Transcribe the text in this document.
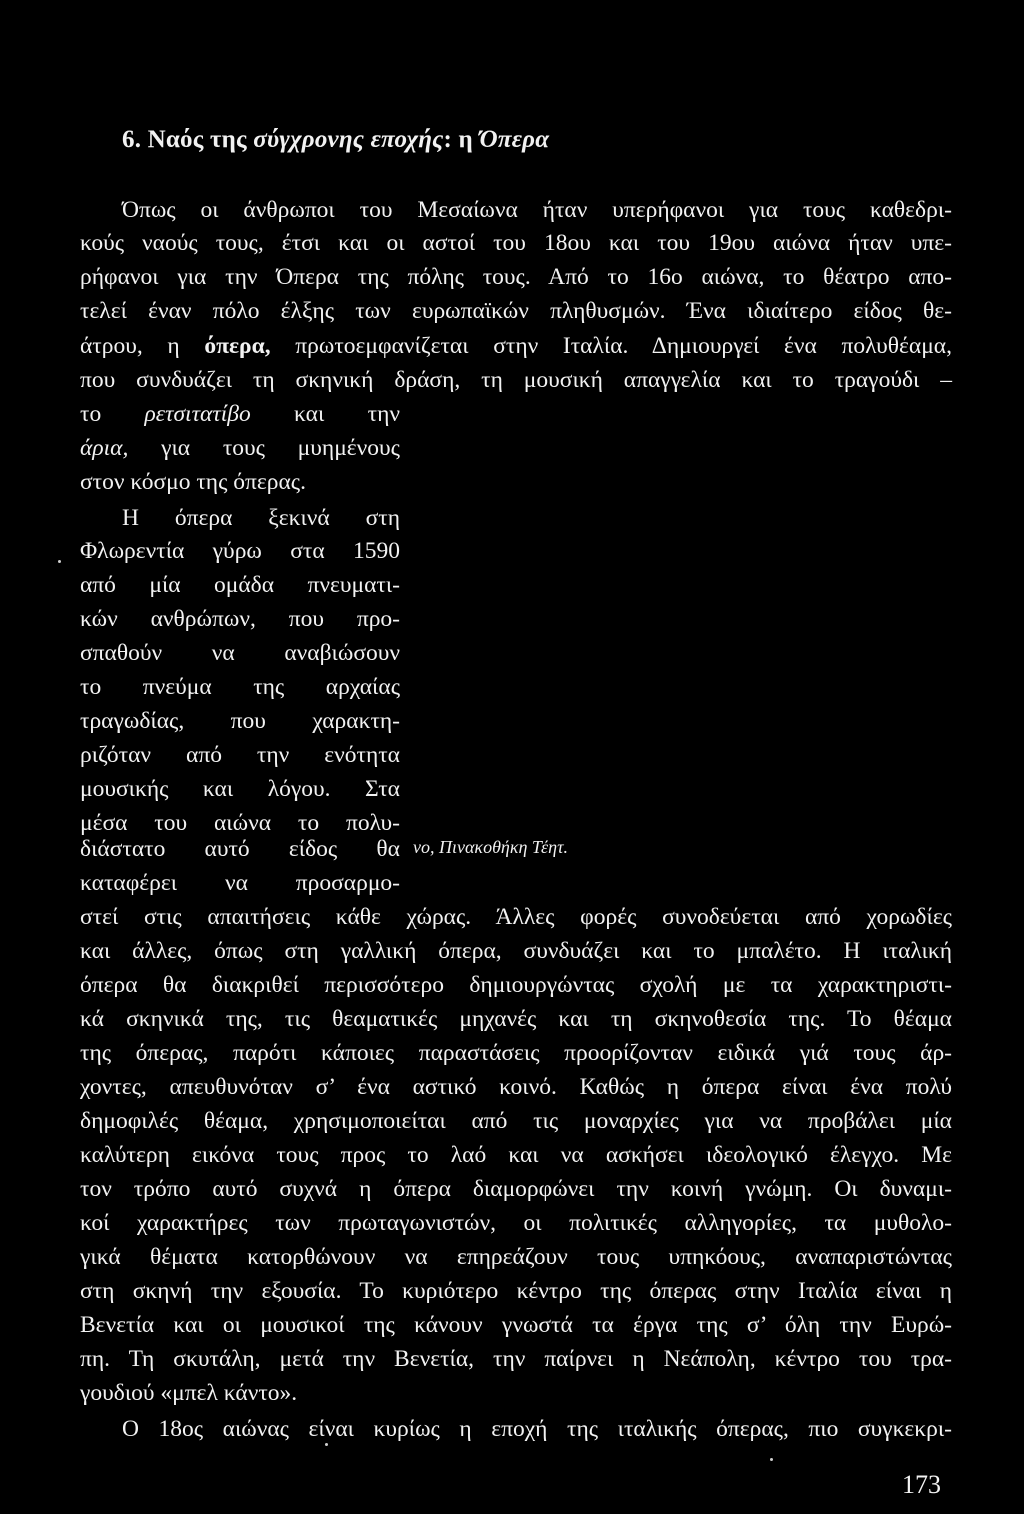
6. Ναός της σύγχρονης εποχής: η Όπερα
Όπως οι άνθρωποι του Μεσαίωνα ήταν υπερήφανοι για τους καθεδρι-
κούς ναούς τους, έτσι και οι αστοί του 18ου και του 19ου αιώνα ήταν υπε-
ρήφανοι για την Όπερα της πόλης τους. Από το 16ο αιώνα, το θέατρο απο-
τελεί έναν πόλο έλξης των ευρωπαϊκών πληθυσμών. Ένα ιδιαίτερο είδος θε-
άτρου, η όπερα, πρωτοεμφανίζεται στην Ιταλία. Δημιουργεί ένα πολυθέαμα,
που συνδυάζει τη σκηνική δράση, τη μουσική απαγγελία και το τραγούδι –
το ρετσιτατίβο και την
άρια, για τους μυημένους
στον κόσμο της όπερας.
Η όπερα ξεκινά στη
Φλωρεντία γύρω στα 1590
από μία ομάδα πνευματι-
κών ανθρώπων, που προ-
σπαθούν να αναβιώσουν
το πνεύμα της αρχαίας
τραγωδίας, που χαρακτη-
ριζόταν από την ενότητα
μουσικής και λόγου. Στα
μέσα του αιώνα το πολυ-
διάστατο αυτό είδος θα
καταφέρει να προσαρμο-
νο, Πινακοθήκη Τέητ.
στεί στις απαιτήσεις κάθε χώρας. Άλλες φορές συνοδεύεται από χορωδίες
και άλλες, όπως στη γαλλική όπερα, συνδυάζει και το μπαλέτο. Η ιταλική
όπερα θα διακριθεί περισσότερο δημιουργώντας σχολή με τα χαρακτηριστι-
κά σκηνικά της, τις θεαματικές μηχανές και τη σκηνοθεσία της. Το θέαμα
της όπερας, παρότι κάποιες παραστάσεις προορίζονταν ειδικά γιά τους άρ-
χοντες, απευθυνόταν σ’ ένα αστικό κοινό. Καθώς η όπερα είναι ένα πολύ
δημοφιλές θέαμα, χρησιμοποιείται από τις μοναρχίες για να προβάλει μία
καλύτερη εικόνα τους προς το λαό και να ασκήσει ιδεολογικό έλεγχο. Με
τον τρόπο αυτό συχνά η όπερα διαμορφώνει την κοινή γνώμη. Οι δυναμι-
κοί χαρακτήρες των πρωταγωνιστών, οι πολιτικές αλληγορίες, τα μυθολο-
γικά θέματα κατορθώνουν να επηρεάζουν τους υπηκόους, αναπαριστώντας
στη σκηνή την εξουσία. Το κυριότερο κέντρο της όπερας στην Ιταλία είναι η
Βενετία και οι μουσικοί της κάνουν γνωστά τα έργα της σ’ όλη την Ευρώ-
πη. Τη σκυτάλη, μετά την Βενετία, την παίρνει η Νεάπολη, κέντρο του τρα-
γουδιού «μπελ κάντο».
Ο 18ος αιώνας είναι κυρίως η εποχή της ιταλικής όπερας, πιο συγκεκρι-
173
